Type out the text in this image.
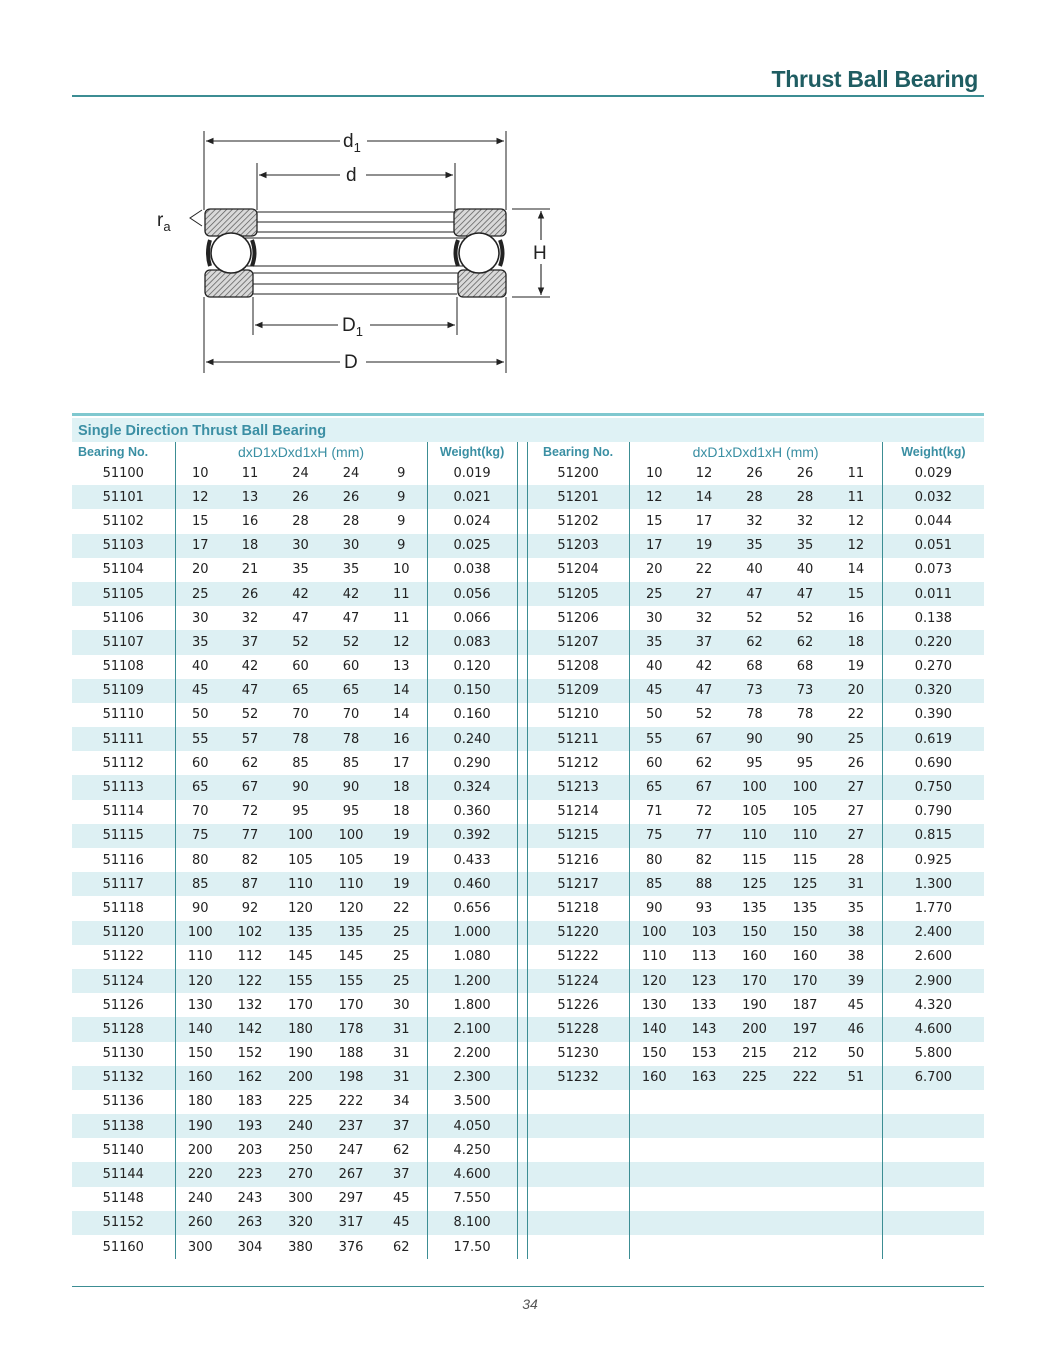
Thrust Ball Bearing
$d_1$
d
$r_a$
H
$D_1$
D
Single Direction Thrust Ball Bearing
Bearing No.	dxD1xDxd1xH (mm)					Weight(kg)		Bearing No.	dxD1xDxd1xH (mm)					Weight(kg)
51100	10	11	24	24	9	0.019		51200	10	12	26	26	11	0.029
51101	12	13	26	26	9	0.021		51201	12	14	28	28	11	0.032
51102	15	16	28	28	9	0.024		51202	15	17	32	32	12	0.044
51103	17	18	30	30	9	0.025		51203	17	19	35	35	12	0.051
51104	20	21	35	35	10	0.038		51204	20	22	40	40	14	0.073
51105	25	26	42	42	11	0.056		51205	25	27	47	47	15	0.011
51106	30	32	47	47	11	0.066		51206	30	32	52	52	16	0.138
51107	35	37	52	52	12	0.083		51207	35	37	62	62	18	0.220
51108	40	42	60	60	13	0.120		51208	40	42	68	68	19	0.270
51109	45	47	65	65	14	0.150		51209	45	47	73	73	20	0.320
51110	50	52	70	70	14	0.160		51210	50	52	78	78	22	0.390
51111	55	57	78	78	16	0.240		51211	55	67	90	90	25	0.619
51112	60	62	85	85	17	0.290		51212	60	62	95	95	26	0.690
51113	65	67	90	90	18	0.324		51213	65	67	100	100	27	0.750
51114	70	72	95	95	18	0.360		51214	71	72	105	105	27	0.790
51115	75	77	100	100	19	0.392		51215	75	77	110	110	27	0.815
51116	80	82	105	105	19	0.433		51216	80	82	115	115	28	0.925
51117	85	87	110	110	19	0.460		51217	85	88	125	125	31	1.300
51118	90	92	120	120	22	0.656		51218	90	93	135	135	35	1.770
51120	100	102	135	135	25	1.000		51220	100	103	150	150	38	2.400
51122	110	112	145	145	25	1.080		51222	110	113	160	160	38	2.600
51124	120	122	155	155	25	1.200		51224	120	123	170	170	39	2.900
51126	130	132	170	170	30	1.800		51226	130	133	190	187	45	4.320
51128	140	142	180	178	31	2.100		51228	140	143	200	197	46	4.600
51130	150	152	190	188	31	2.200		51230	150	153	215	212	50	5.800
51132	160	162	200	198	31	2.300		51232	160	163	225	222	51	6.700
51136	180	183	225	222	34	3.500								
51138	190	193	240	237	37	4.050								
51140	200	203	250	247	62	4.250								
51144	220	223	270	267	37	4.600								
51148	240	243	300	297	45	7.550								
51152	260	263	320	317	45	8.100								
51160	300	304	380	376	62	17.50								
34
